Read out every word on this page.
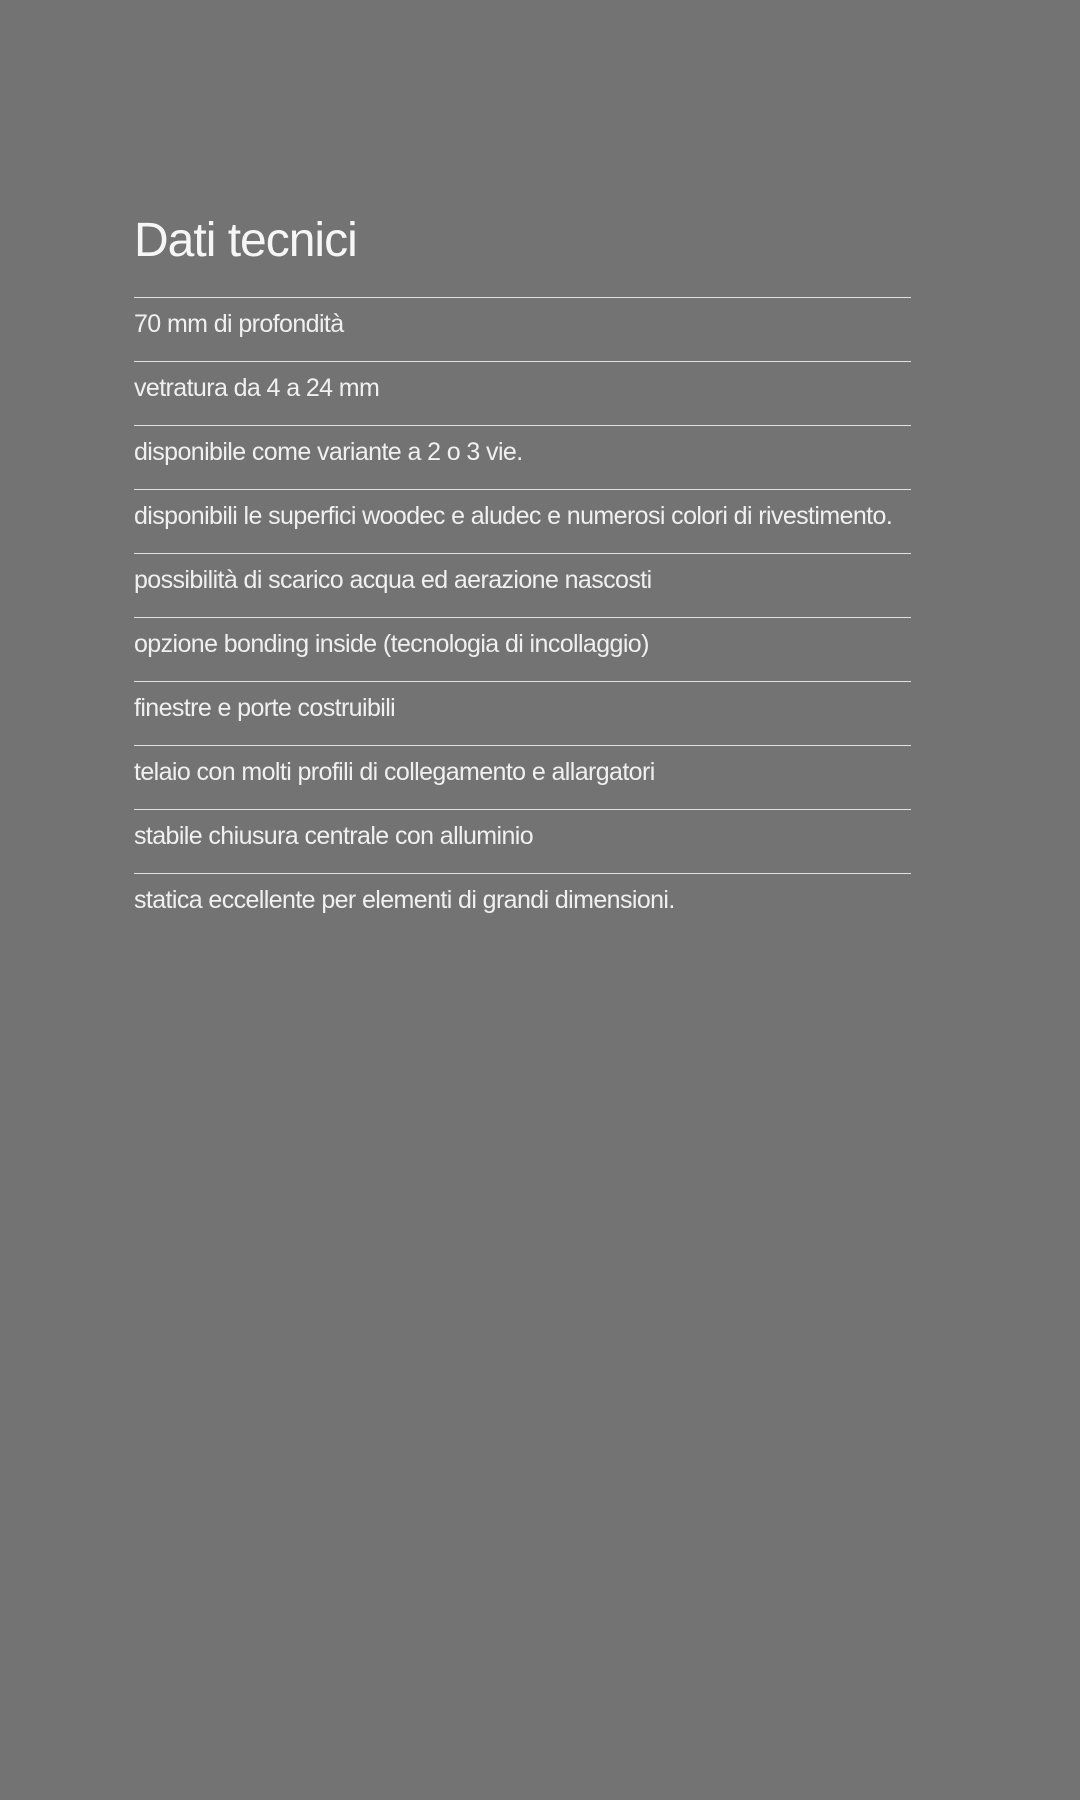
Dati tecnici
70 mm di profondità
vetratura da 4 a 24 mm
disponibile come variante a 2 o 3 vie.
disponibili le superfici woodec e aludec e numerosi colori di rivestimento.
possibilità di scarico acqua ed aerazione nascosti
opzione bonding inside (tecnologia di incollaggio)
finestre e porte costruibili
telaio con molti profili di collegamento e allargatori
stabile chiusura centrale con alluminio
statica eccellente per elementi di grandi dimensioni.
